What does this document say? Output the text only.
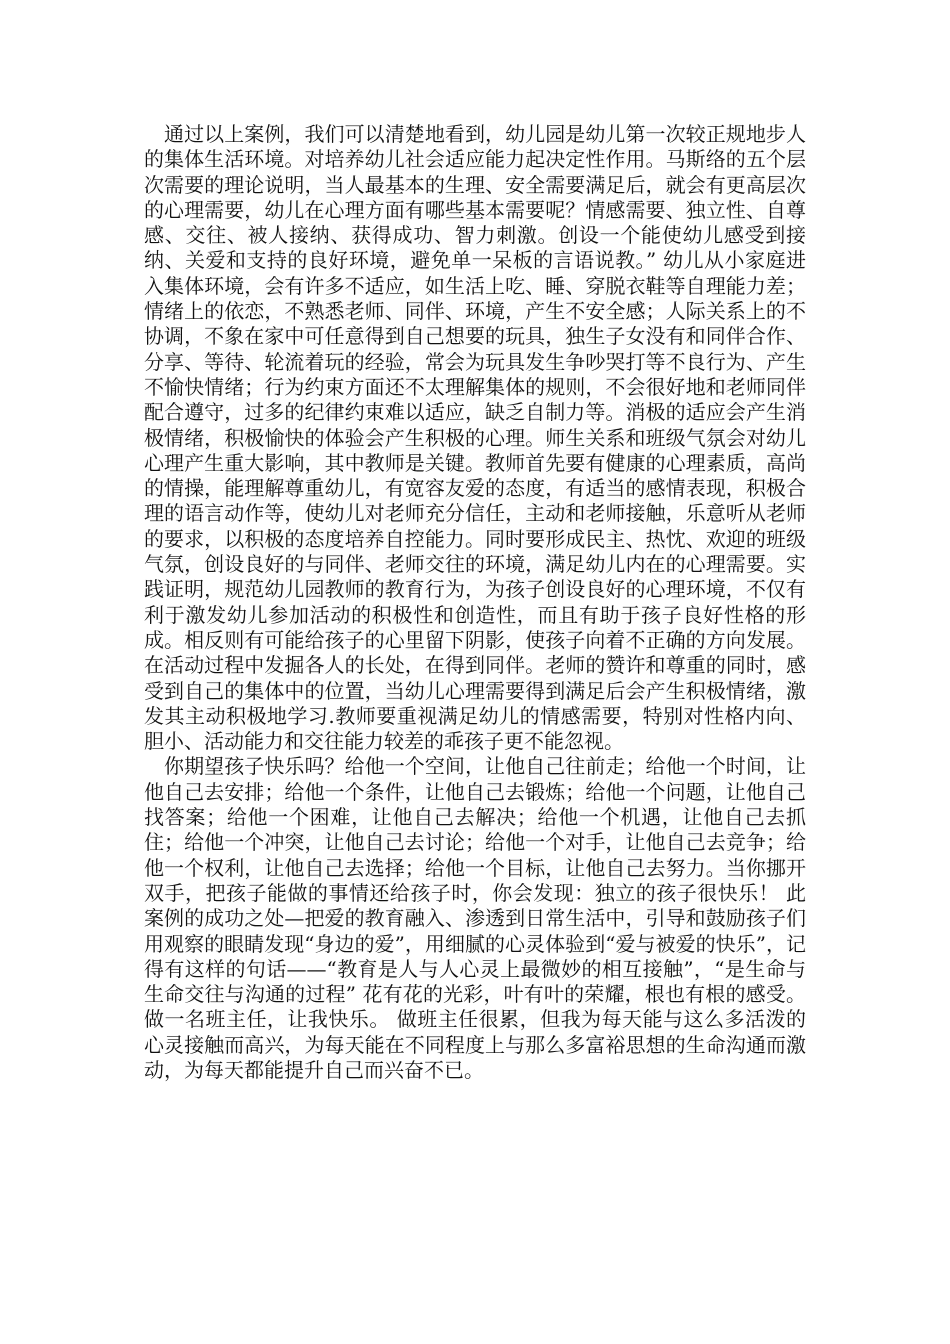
通过以上案例，我们可以清楚地看到，幼儿园是幼儿第一次较正规地步人的集体生活环境。对培养幼儿社会适应能力起决定性作用。马斯络的五个层次需要的理论说明，当人最基本的生理、安全需要满足后，就会有更高层次的心理需要，幼儿在心理方面有哪些基本需要呢？情感需要、独立性、自尊感、交往、被人接纳、获得成功、智力刺激。创设一个能使幼儿感受到接纳、关爱和支持的良好环境，避免单一呆板的言语说教。” 幼儿从小家庭进入集体环境，会有许多不适应，如生活上吃、睡、穿脱衣鞋等自理能力差；情绪上的依恋，不熟悉老师、同伴、环境，产生不安全感；人际关系上的不协调，不象在家中可任意得到自己想要的玩具，独生子女没有和同伴合作、分享、等待、轮流着玩的经验，常会为玩具发生争吵哭打等不良行为、产生不愉快情绪；行为约束方面还不太理解集体的规则，不会很好地和老师同伴配合遵守，过多的纪律约束难以适应，缺乏自制力等。消极的适应会产生消极情绪，积极愉快的体验会产生积极的心理。师生关系和班级气氛会对幼儿心理产生重大影响，其中教师是关键。教师首先要有健康的心理素质，高尚的情操，能理解尊重幼儿，有宽容友爱的态度，有适当的感情表现，积极合理的语言动作等，使幼儿对老师充分信任，主动和老师接触，乐意听从老师的要求，以积极的态度培养自控能力。同时要形成民主、热忱、欢迎的班级气氛，创设良好的与同伴、老师交往的环境，满足幼儿内在的心理需要。实践证明，规范幼儿园教师的教育行为，为孩子创设良好的心理环境，不仅有利于激发幼儿参加活动的积极性和创造性，而且有助于孩子良好性格的形成。相反则有可能给孩子的心里留下阴影，使孩子向着不正确的方向发展。在活动过程中发掘各人的长处，在得到同伴。老师的赞许和尊重的同时，感受到自己的集体中的位置，当幼儿心理需要得到满足后会产生积极情绪，激发其主动积极地学习.教师要重视满足幼儿的情感需要，特别对性格内向、胆小、活动能力和交往能力较差的乖孩子更不能忽视。

你期望孩子快乐吗？给他一个空间，让他自己往前走；给他一个时间，让他自己去安排；给他一个条件，让他自己去锻炼；给他一个问题，让他自己找答案；给他一个困难，让他自己去解决；给他一个机遇，让他自己去抓住；给他一个冲突，让他自己去讨论；给他一个对手，让他自己去竞争；给他一个权利，让他自己去选择；给他一个目标，让他自己去努力。当你挪开双手，把孩子能做的事情还给孩子时，你会发现：独立的孩子很快乐！ 此案例的成功之处—把爱的教育融入、渗透到日常生活中，引导和鼓励孩子们用观察的眼睛发现“身边的爱”，用细腻的心灵体验到“爱与被爱的快乐”，记得有这样的句话——“教育是人与人心灵上最微妙的相互接触”，“是生命与生命交往与沟通的过程” 花有花的光彩，叶有叶的荣耀，根也有根的感受。做一名班主任，让我快乐。 做班主任很累，但我为每天能与这么多活泼的心灵接触而高兴，为每天能在不同程度上与那么多富裕思想的生命沟通而激动，为每天都能提升自己而兴奋不已。
